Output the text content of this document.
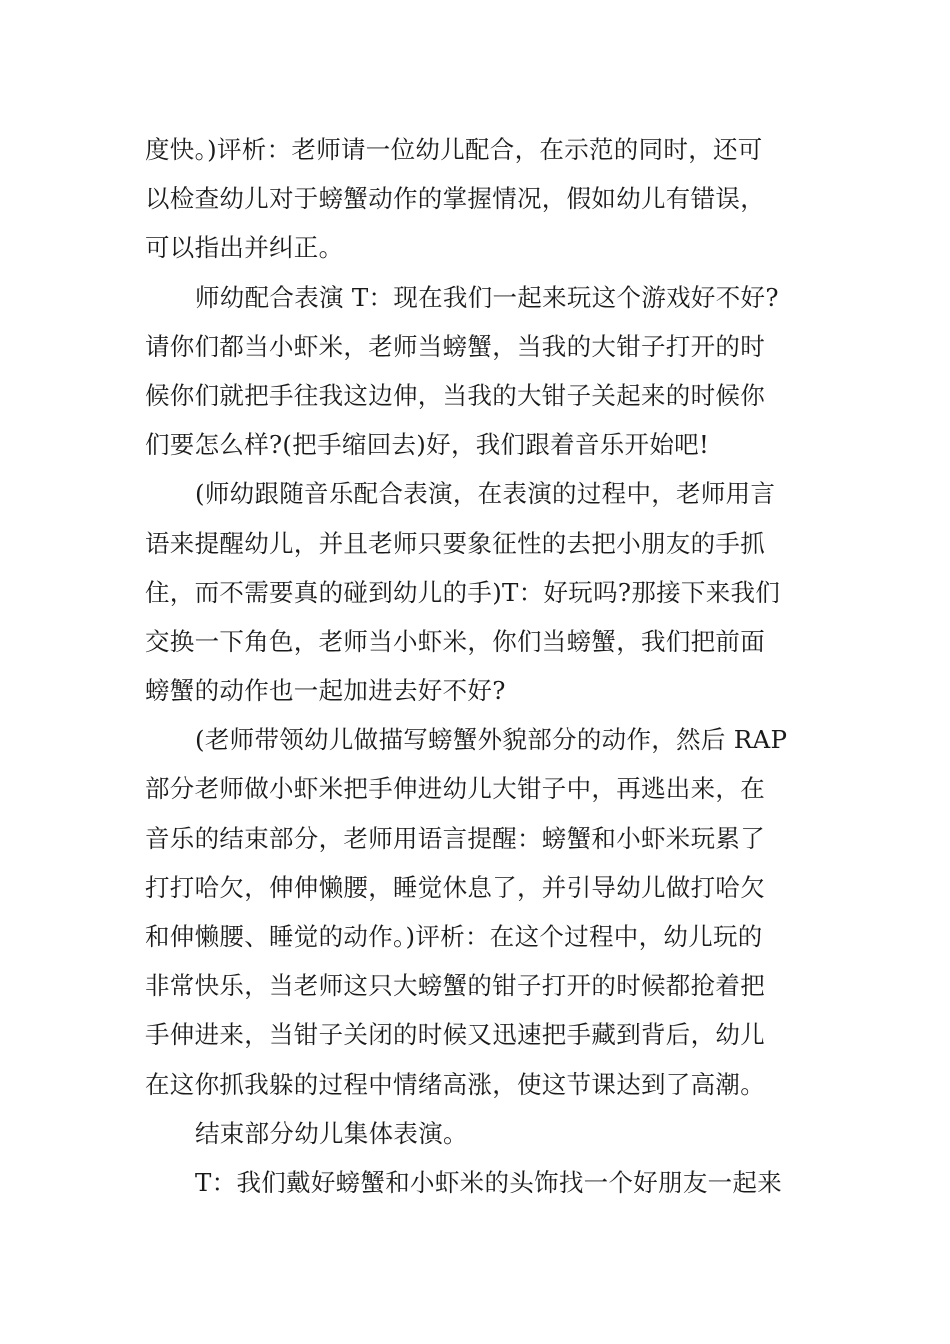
度快。)评析：老师请一位幼儿配合，在示范的同时，还可
以检查幼儿对于螃蟹动作的掌握情况，假如幼儿有错误，
可以指出并纠正。
师幼配合表演 T：现在我们一起来玩这个游戏好不好?
请你们都当小虾米，老师当螃蟹，当我的大钳子打开的时
候你们就把手往我这边伸，当我的大钳子关起来的时候你
们要怎么样?(把手缩回去)好，我们跟着音乐开始吧!
(师幼跟随音乐配合表演，在表演的过程中，老师用言
语来提醒幼儿，并且老师只要象征性的去把小朋友的手抓
住，而不需要真的碰到幼儿的手)T：好玩吗?那接下来我们
交换一下角色，老师当小虾米，你们当螃蟹，我们把前面
螃蟹的动作也一起加进去好不好?
(老师带领幼儿做描写螃蟹外貌部分的动作，然后 RAP
部分老师做小虾米把手伸进幼儿大钳子中，再逃出来，在
音乐的结束部分，老师用语言提醒：螃蟹和小虾米玩累了
打打哈欠，伸伸懒腰，睡觉休息了，并引导幼儿做打哈欠
和伸懒腰、睡觉的动作。)评析：在这个过程中，幼儿玩的
非常快乐，当老师这只大螃蟹的钳子打开的时候都抢着把
手伸进来，当钳子关闭的时候又迅速把手藏到背后，幼儿
在这你抓我躲的过程中情绪高涨，使这节课达到了高潮。
结束部分幼儿集体表演。
T：我们戴好螃蟹和小虾米的头饰找一个好朋友一起来
